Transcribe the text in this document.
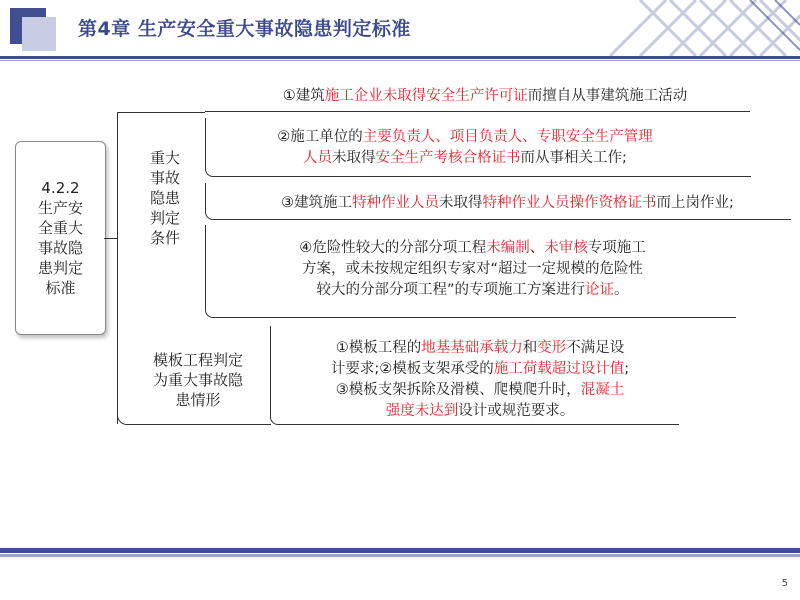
第4章 生产安全重大事故隐患判定标准
4.2.2
生产安
全重大
事故隐
患判定
标准
重大
事故
隐患
判定
条件
①建筑施工企业未取得安全生产许可证而擅自从事建筑施工活动
②施工单位的主要负责人、项目负责人、专职安全生产管理
人员未取得安全生产考核合格证书而从事相关工作;
③建筑施工特种作业人员未取得特种作业人员操作资格证书而上岗作业;
④危险性较大的分部分项工程未编制、未审核专项施工
方案，或未按规定组织专家对“超过一定规模的危险性
较大的分部分项工程”的专项施工方案进行论证。
模板工程判定
为重大事故隐
患情形
①模板工程的地基基础承载力和变形不满足设
计要求;②模板支架承受的施工荷载超过设计值;
③模板支架拆除及滑模、爬模爬升时，混凝土
强度未达到设计或规范要求。
5
